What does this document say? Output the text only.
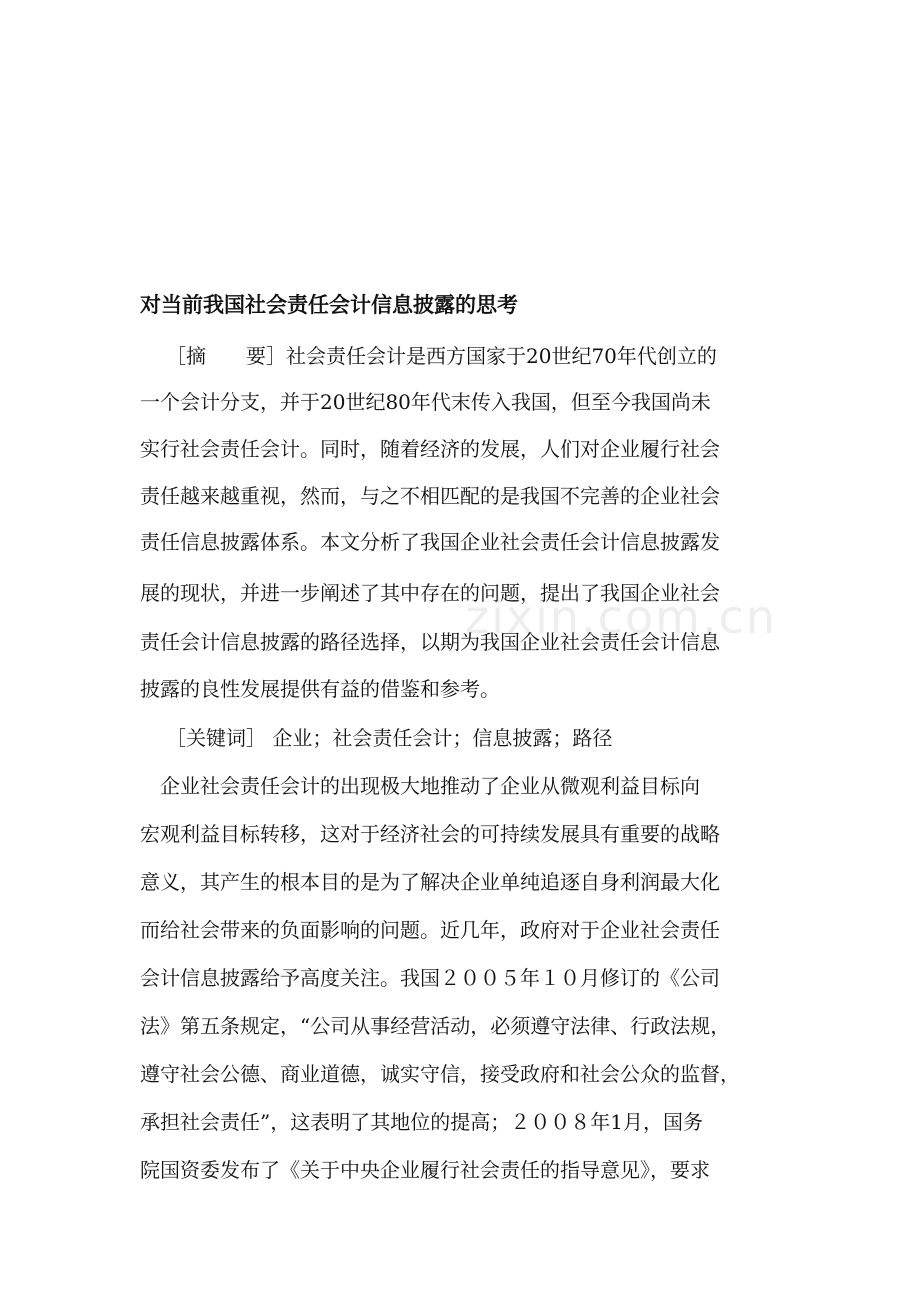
对当前我国社会责任会计信息披露的思考
［摘　　要］社会责任会计是西方国家于20世纪70年代创立的
一个会计分支，并于20世纪80年代末传入我国，但至今我国尚未
实行社会责任会计。同时，随着经济的发展，人们对企业履行社会
责任越来越重视，然而，与之不相匹配的是我国不完善的企业社会
责任信息披露体系。本文分析了我国企业社会责任会计信息披露发
展的现状，并进一步阐述了其中存在的问题，提出了我国企业社会
责任会计信息披露的路径选择，以期为我国企业社会责任会计信息
披露的良性发展提供有益的借鉴和参考。
［关键词］ 企业；社会责任会计；信息披露；路径
企业社会责任会计的出现极大地推动了企业从微观利益目标向
宏观利益目标转移，这对于经济社会的可持续发展具有重要的战略
意义，其产生的根本目的是为了解决企业单纯追逐自身利润最大化
而给社会带来的负面影响的问题。近几年，政府对于企业社会责任
会计信息披露给予高度关注。我国２００５年１０月修订的《公司
法》第五条规定，“公司从事经营活动，必须遵守法律、行政法规，
遵守社会公德、商业道德，诚实守信，接受政府和社会公众的监督，
承担社会责任”，这表明了其地位的提高；２００８年1月，国务
院国资委发布了《关于中央企业履行社会责任的指导意见》，要求
zixin.com.cn
